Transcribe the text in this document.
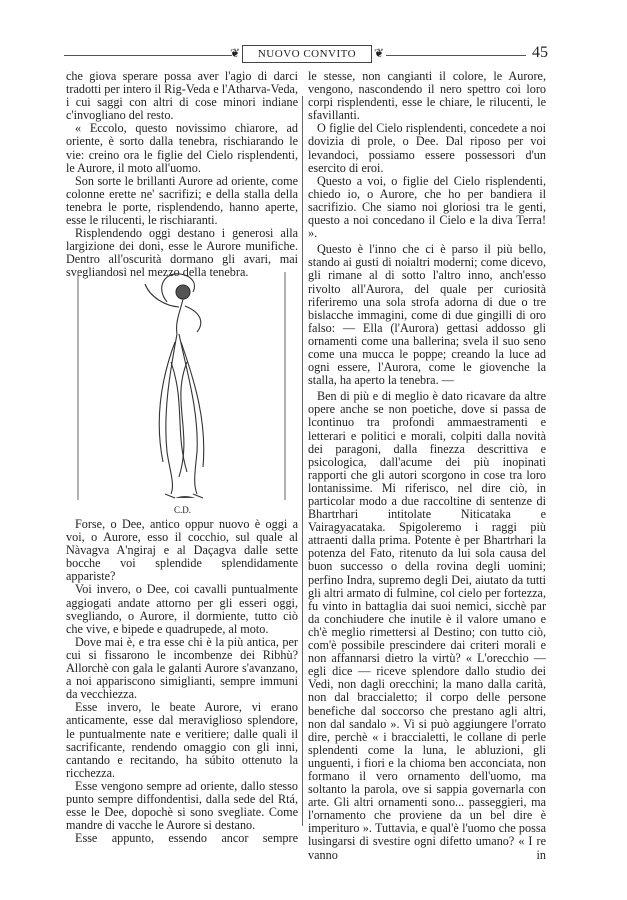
❦	NUOVO CONVITO	❦	45

che giova sperare possa aver l'agio di darci tradotti per intero il Rig-Veda e l'Atharva-Veda, i cui saggi con altri di cose minori indiane c'invogliano del resto.

« Eccolo, questo novissimo chiarore, ad oriente, è sorto dalla tenebra, rischiarando le vie: creino ora le figlie del Cielo risplendenti, le Aurore, il moto all'uomo.

Son sorte le brillanti Aurore ad oriente, come colonne erette ne' sacrifizi; e della stalla della tenebra le porte, risplendendo, hanno aperte, esse le rilucenti, le rischiaranti.

Risplendendo oggi destano i generosi alla largizione dei doni, esse le Aurore munifiche. Dentro all'oscurità dormano gli avari, mai svegliandosi nel mezzo della tenebra.

C.D.

Forse, o Dee, antico oppur nuovo è oggi a voi, o Aurore, esso il cocchio, sul quale al Nàvagva A'ngiraj e al Daçagva dalle sette bocche voi splendide splendidamente appariste?

Voi invero, o Dee, coi cavalli puntualmente aggiogati andate attorno per gli esseri oggi, svegliando, o Aurore, il dormiente, tutto ciò che vive, e bipede e quadrupede, al moto.

Dove mai è, e tra esse chi è la più antica, per cui si fissarono le incombenze dei Ribhù? Allorchè con gala le galanti Aurore s'avanzano, a noi appariscono simiglianti, sempre immuni da vecchiezza.

Esse invero, le beate Aurore, vi erano anticamente, esse dal meraviglioso splendore, le puntualmente nate e veritiere; dalle quali il sacrificante, rendendo omaggio con gli inni, cantando e recitando, ha súbito ottenuto la ricchezza.

Esse vengono sempre ad oriente, dallo stesso punto sempre diffondentisi, dalla sede del Rtá, esse le Dee, dopochè si sono svegliate. Come mandre di vacche le Aurore si destano.

Esse appunto, essendo ancor sempre

le stesse, non cangianti il colore, le Aurore, vengono, nascondendo il nero spettro coi loro corpi risplendenti, esse le chiare, le rilucenti, le sfavillanti.

O figlie del Cielo risplendenti, concedete a noi dovizia di prole, o Dee. Dal riposo per voi levandoci, possiamo essere possessori d'un esercito di eroi.

Questo a voi, o figlie del Cielo risplendenti, chiedo io, o Aurore, che ho per bandiera il sacrifizio. Che siamo noi gloriosi tra le genti, questo a noi concedano il Cielo e la diva Terra! ».

Questo è l'inno che ci è parso il più bello, stando ai gusti di noialtri moderni; come dicevo, gli rimane al di sotto l'altro inno, anch'esso rivolto all'Aurora, del quale per curiosità riferiremo una sola strofa adorna di due o tre bislacche immagini, come di due gingilli di oro falso: — Ella (l'Aurora) gettasi addosso gli ornamenti come una ballerina; svela il suo seno come una mucca le poppe; creando la luce ad ogni essere, l'Aurora, come le giovenche la stalla, ha aperto la tenebra. —

Ben di più e di meglio è dato ricavare da altre opere anche se non poetiche, dove si passa de lcontinuo tra profondi ammaestramenti e letterari e politici e morali, colpiti dalla novità dei paragoni, dalla finezza descrittiva e psicologica, dall'acume dei più inopinati rapporti che gli autori scorgono in cose tra loro lontanissime. Mi riferisco, nel dire ciò, in particolar modo a due raccoltine di sentenze di Bhartrhari intitolate Niticataka e Vairagyacataka. Spigoleremo i raggi più attraenti dalla prima. Potente è per Bhartrhari la potenza del Fato, ritenuto da lui sola causa del buon successo o della rovina degli uomini; perfino Indra, supremo degli Dei, aiutato da tutti gli altri armato di fulmine, col cielo per fortezza, fu vinto in battaglia dai suoi nemici, sicchè par da conchiudere che inutile è il valore umano e ch'è meglio rimettersi al Destino; con tutto ciò, com'è possibile prescindere dai criteri morali e non affannarsi dietro la virtù? « L'orecchio — egli dice — riceve splendore dallo studio dei Vedi, non dagli orecchini; la mano dalla carità, non dal braccialetto; il corpo delle persone benefiche dal soccorso che prestano agli altri, non dal sandalo ». Vi si può aggiungere l'orrato dire, perchè « i braccialetti, le collane di perle splendenti come la luna, le abluzioni, gli unguenti, i fiori e la chioma ben acconciata, non formano il vero ornamento dell'uomo, ma soltanto la parola, ove si sappia governarla con arte. Gli altri ornamenti sono... passeggieri, ma l'ornamento che proviene da un bel dire è imperituro ». Tuttavia, e qual'è l'uomo che possa lusingarsi di svestire ogni difetto umano? « I re vanno in
